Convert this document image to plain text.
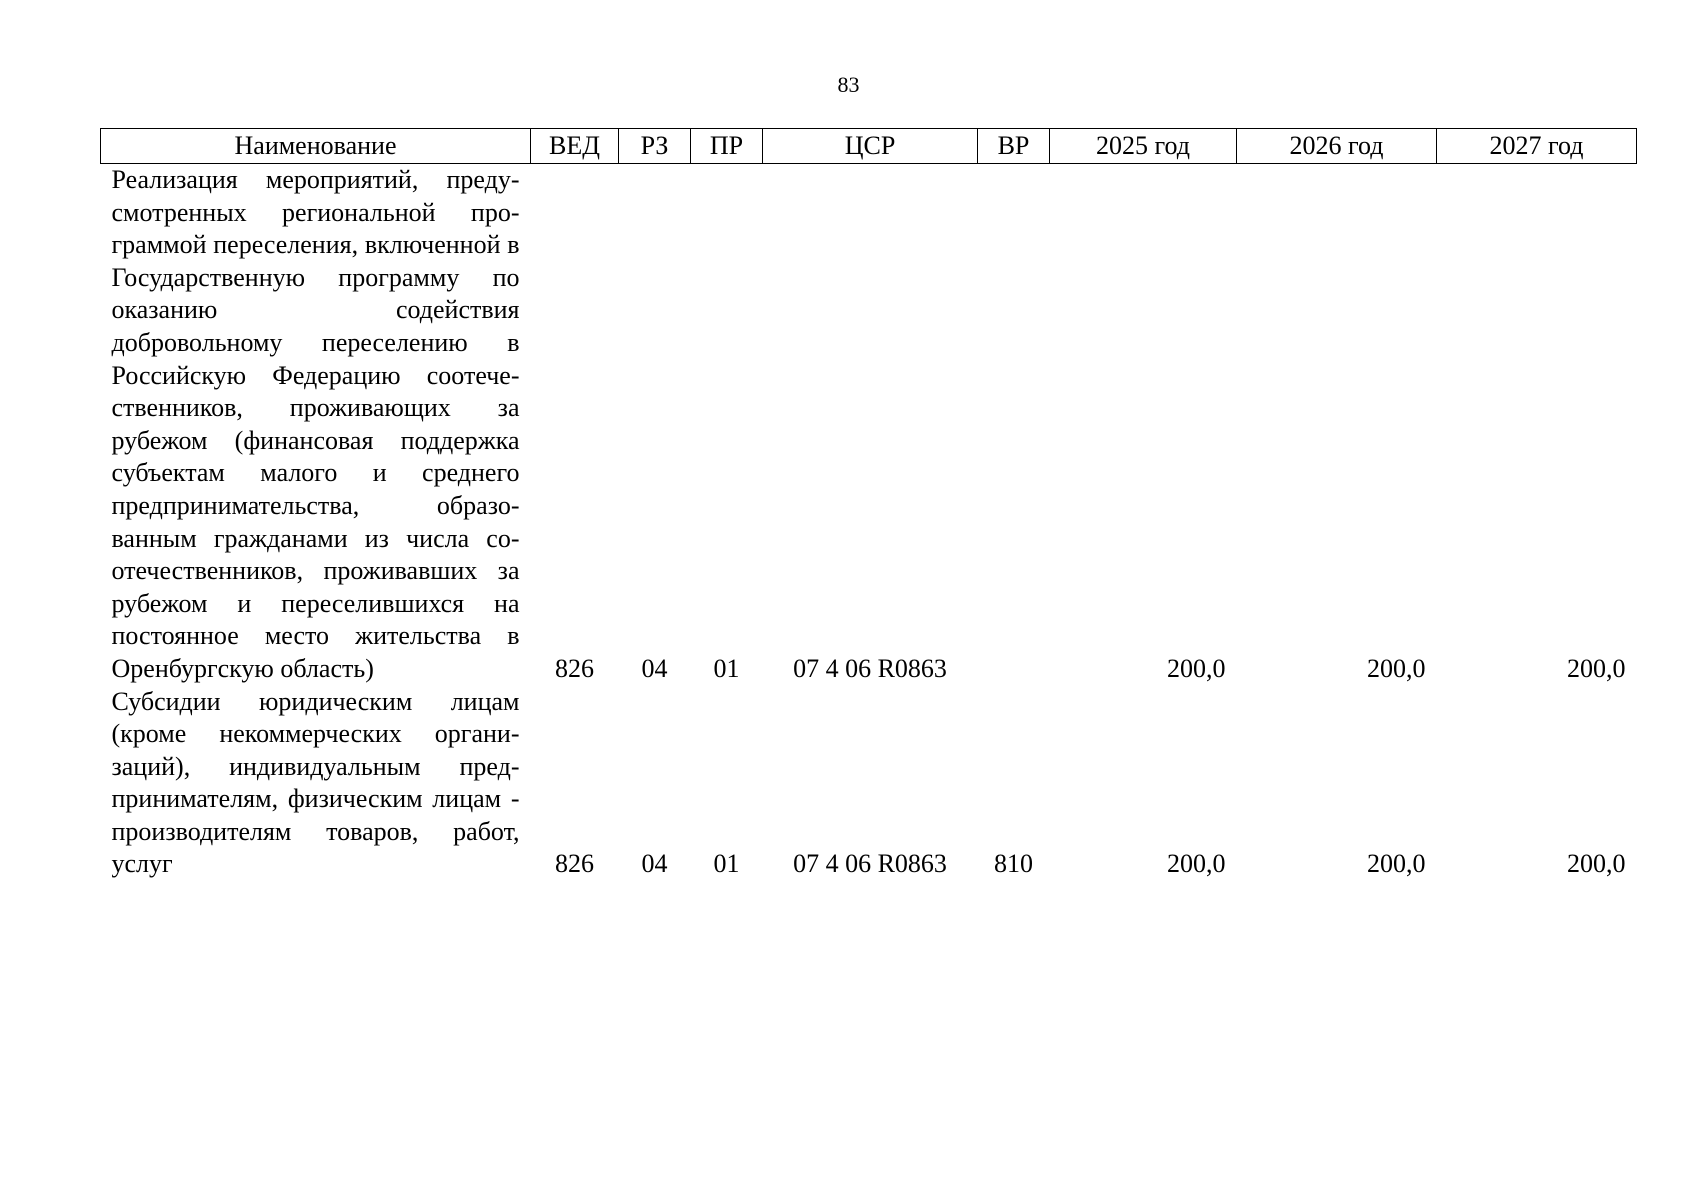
83
Наименование	ВЕД	РЗ	ПР	ЦСР	ВР	2025 год	2026 год	2027 год
Реализация мероприятий, предусмотренных региональной программой переселения, включенной в Государственную программу по оказанию содействия добровольному переселению в Российскую Федерацию соотечественников, проживающих за рубежом (финансовая поддержка субъектам малого и среднего предпринимательства, образованным гражданами из числа соотечественников, проживавших за рубежом и переселившихся на постоянное место жительства в Оренбургскую область)	826	04	01	07 4 06 R0863		200,0	200,0	200,0
Субсидии юридическим лицам (кроме некоммерческих организаций), индивидуальным предпринимателям, физическим лицам - производителям товаров, работ, услуг	826	04	01	07 4 06 R0863	810	200,0	200,0	200,0
